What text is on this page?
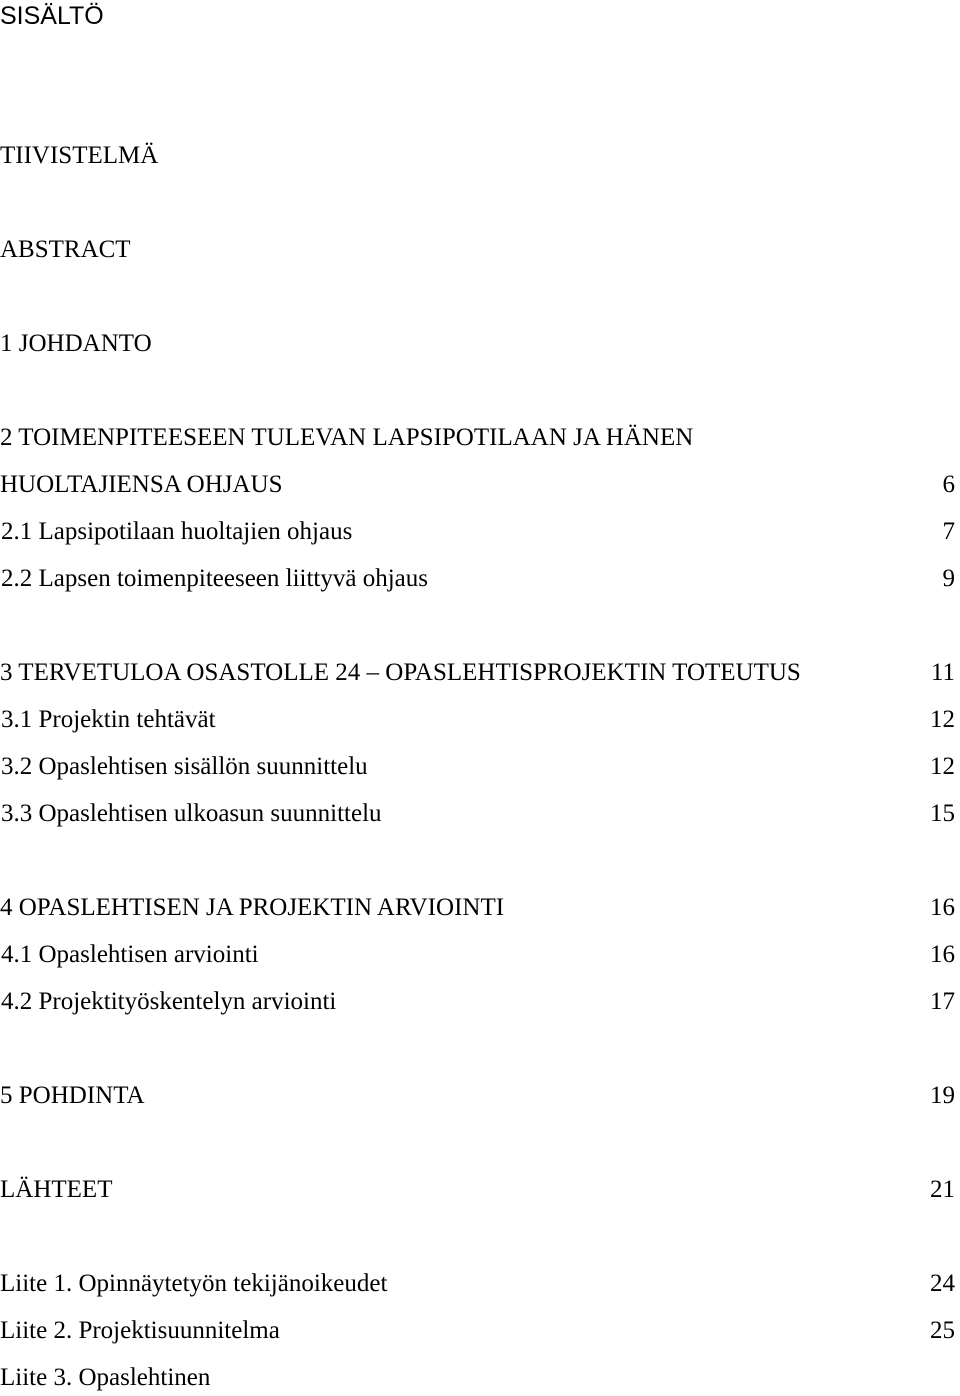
SISÄLTÖ
TIIVISTELMÄ
ABSTRACT
1 JOHDANTO
2 TOIMENPITEESEEN TULEVAN LAPSIPOTILAAN JA HÄNEN
HUOLTAJIENSA OHJAUS	6
2.1 Lapsipotilaan huoltajien ohjaus	7
2.2 Lapsen toimenpiteeseen liittyvä ohjaus	9
3 TERVETULOA OSASTOLLE 24 – OPASLEHTISPROJEKTIN TOTEUTUS	11
3.1 Projektin tehtävät	12
3.2 Opaslehtisen sisällön suunnittelu	12
3.3 Opaslehtisen ulkoasun suunnittelu	15
4 OPASLEHTISEN JA PROJEKTIN ARVIOINTI	16
4.1 Opaslehtisen arviointi	16
4.2 Projektityöskentelyn arviointi	17
5 POHDINTA	19
LÄHTEET	21
Liite 1. Opinnäytetyön tekijänoikeudet	24
Liite 2. Projektisuunnitelma	25
Liite 3. Opaslehtinen
